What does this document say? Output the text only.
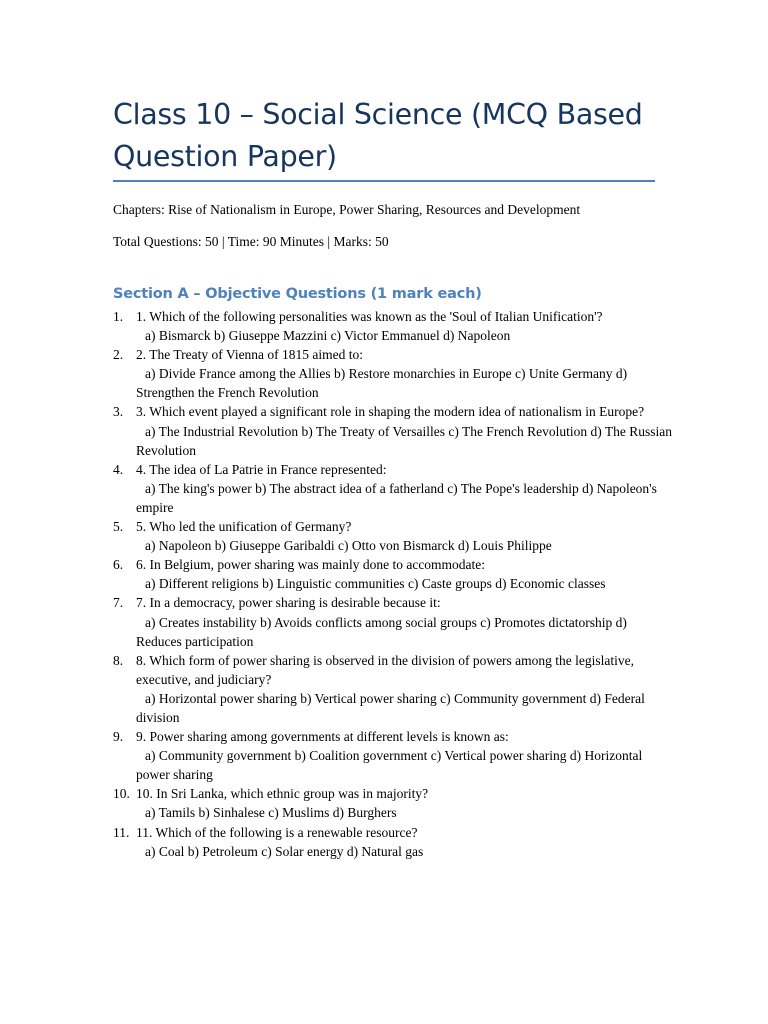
Class 10 – Social Science (MCQ Based Question Paper)
Chapters: Rise of Nationalism in Europe, Power Sharing, Resources and Development
Total Questions: 50 | Time: 90 Minutes | Marks: 50
Section A – Objective Questions (1 mark each)
1. 1. Which of the following personalities was known as the 'Soul of Italian Unification'?
a) Bismarck b) Giuseppe Mazzini c) Victor Emmanuel d) Napoleon
2. 2. The Treaty of Vienna of 1815 aimed to:
a) Divide France among the Allies b) Restore monarchies in Europe c) Unite Germany d) Strengthen the French Revolution
3. 3. Which event played a significant role in shaping the modern idea of nationalism in Europe?
a) The Industrial Revolution b) The Treaty of Versailles c) The French Revolution d) The Russian Revolution
4. 4. The idea of La Patrie in France represented:
a) The king's power b) The abstract idea of a fatherland c) The Pope's leadership d) Napoleon's empire
5. 5. Who led the unification of Germany?
a) Napoleon b) Giuseppe Garibaldi c) Otto von Bismarck d) Louis Philippe
6. 6. In Belgium, power sharing was mainly done to accommodate:
a) Different religions b) Linguistic communities c) Caste groups d) Economic classes
7. 7. In a democracy, power sharing is desirable because it:
a) Creates instability b) Avoids conflicts among social groups c) Promotes dictatorship d) Reduces participation
8. 8. Which form of power sharing is observed in the division of powers among the legislative, executive, and judiciary?
a) Horizontal power sharing b) Vertical power sharing c) Community government d) Federal division
9. 9. Power sharing among governments at different levels is known as:
a) Community government b) Coalition government c) Vertical power sharing d) Horizontal power sharing
10. 10. In Sri Lanka, which ethnic group was in majority?
a) Tamils b) Sinhalese c) Muslims d) Burghers
11. 11. Which of the following is a renewable resource?
a) Coal b) Petroleum c) Solar energy d) Natural gas
